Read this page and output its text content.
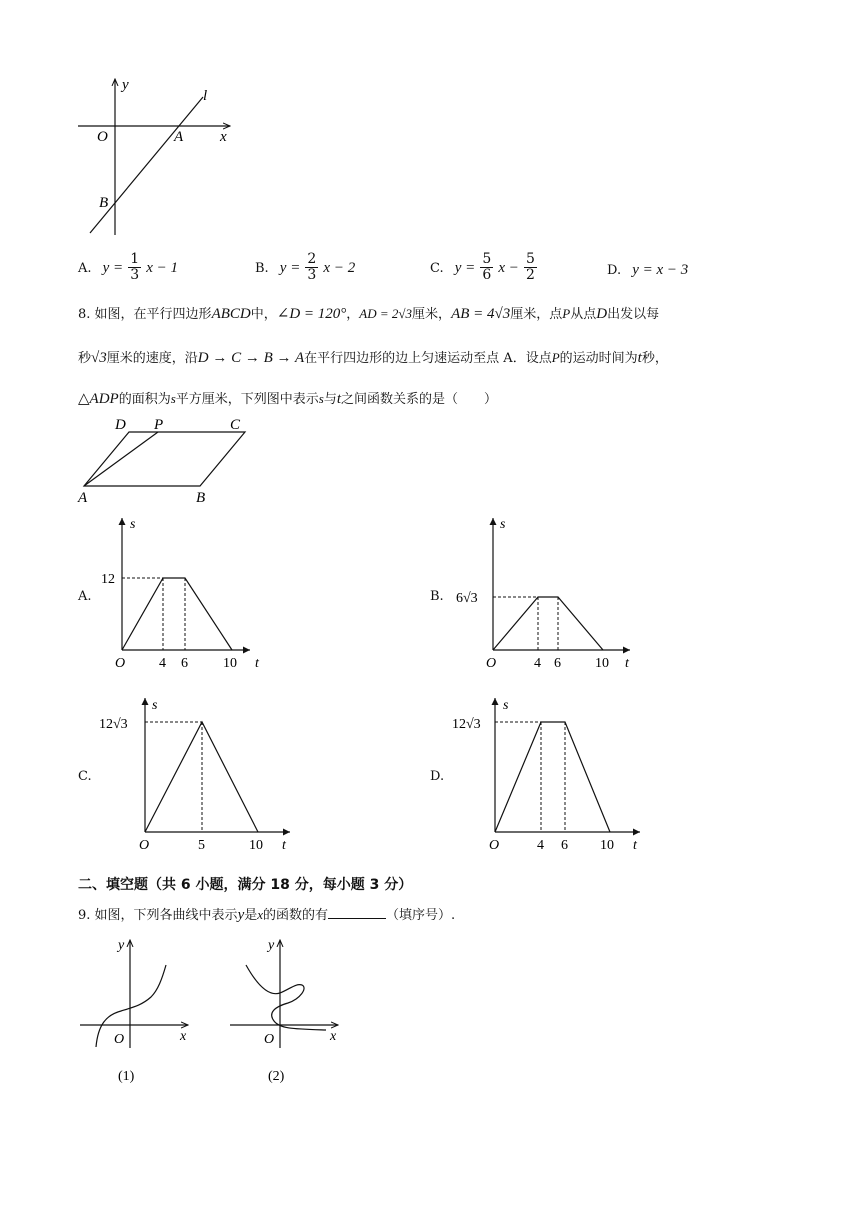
y
x
l
O	A
B
A. $y = \frac{1}{3}$ x − 1	B. $y = \frac{2}{3}$ x − 2	C. $y = \frac{5}{6}$ $x - \frac{5}{2}$	D. y = x − 3
8. 如图，在平行四边形ABCD中，∠D = 120°，AD = 2√3厘米，AB = 4√3厘米，点P从点D出发以每
秒√3厘米的速度，沿D → C → B → A在平行四边形的边上匀速运动至点 A．设点P的运动时间为t秒，
△ADP的面积为s平方厘米，下列图中表示s与t之间函数关系的是（　　）
D P	C
A	B
A.
s
t
O
12
4 6	10
B.
s
t
O
6√3
4 6 10
C.
s
t
O
12√3
5	10
D.
s
t
O
12√3
4 6 10
二、填空题（共 6 小题，满分 18 分，每小题 3 分）
9. 如图，下列各曲线中表示y是x的函数的有	（填序号）.
y
x
O
(1)
y
x
O
(2)
